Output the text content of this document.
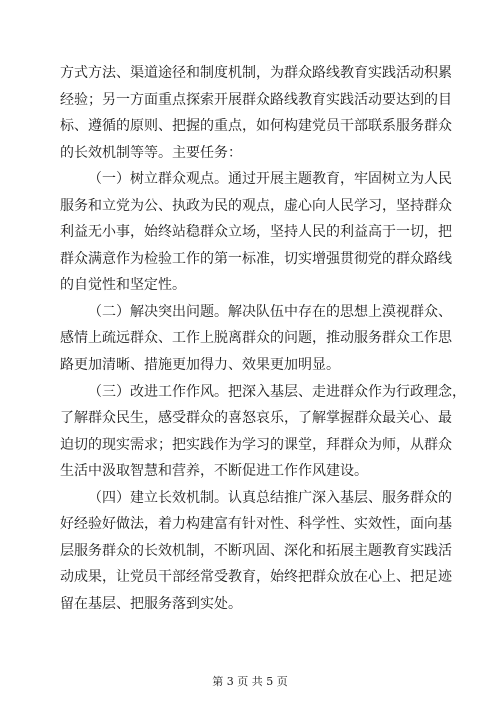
方式方法、渠道途径和制度机制，为群众路线教育实践活动积累
经验；另一方面重点探索开展群众路线教育实践活动要达到的目
标、遵循的原则、把握的重点，如何构建党员干部联系服务群众
的长效机制等等。主要任务：
（一）树立群众观点。通过开展主题教育，牢固树立为人民
服务和立党为公、执政为民的观点，虚心向人民学习，坚持群众
利益无小事，始终站稳群众立场，坚持人民的利益高于一切，把
群众满意作为检验工作的第一标准，切实增强贯彻党的群众路线
的自觉性和坚定性。
（二）解决突出问题。解决队伍中存在的思想上漠视群众、
感情上疏远群众、工作上脱离群众的问题，推动服务群众工作思
路更加清晰、措施更加得力、效果更加明显。
（三）改进工作作风。把深入基层、走进群众作为行政理念，
了解群众民生，感受群众的喜怒哀乐，了解掌握群众最关心、最
迫切的现实需求；把实践作为学习的课堂，拜群众为师，从群众
生活中汲取智慧和营养，不断促进工作作风建设。
（四）建立长效机制。认真总结推广深入基层、服务群众的
好经验好做法，着力构建富有针对性、科学性、实效性，面向基
层服务群众的长效机制，不断巩固、深化和拓展主题教育实践活
动成果，让党员干部经常受教育，始终把群众放在心上、把足迹
留在基层、把服务落到实处。
第 3 页 共 5 页
